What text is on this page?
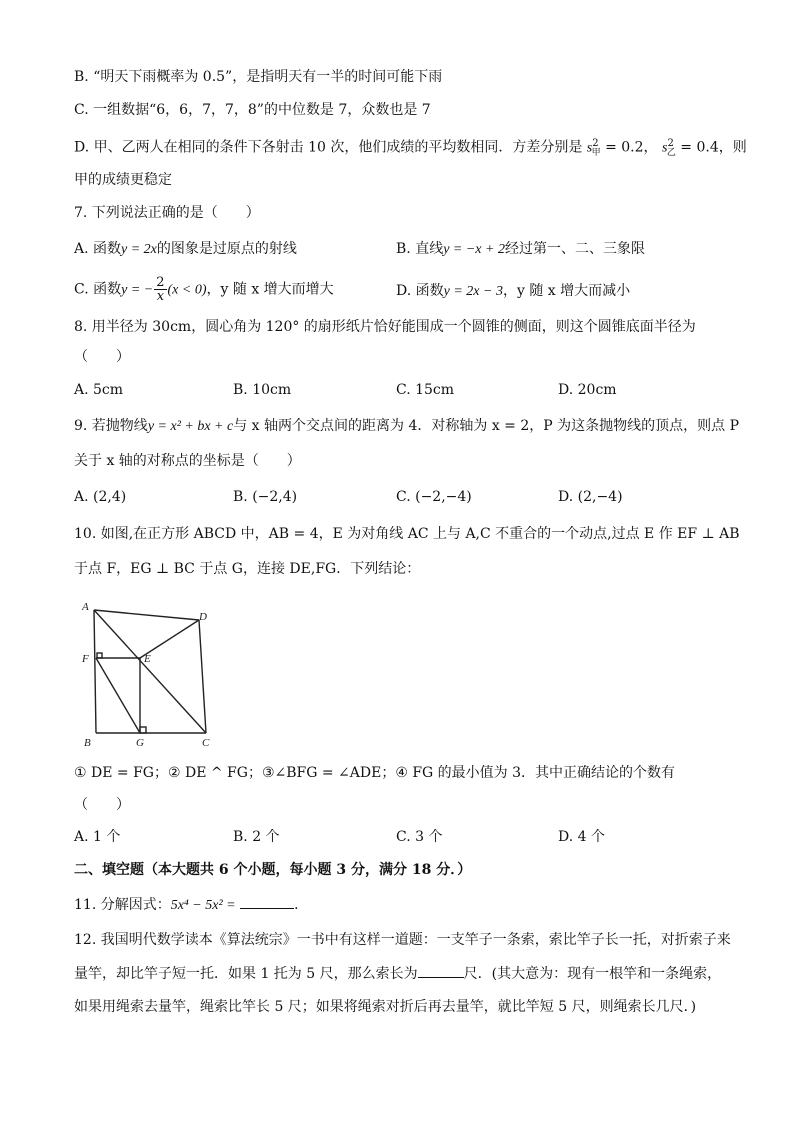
B. “明天下雨概率为 0.5”，是指明天有一半的时间可能下雨
C. 一组数据“6，6，7，7，8”的中位数是 7，众数也是 7
D. 甲、乙两人在相同的条件下各射击 10 次，他们成绩的平均数相同．方差分别是 $s^2_甲 = 0.2$， $s^2_乙 = 0.4$，则
甲的成绩更稳定
7. 下列说法正确的是（　　）
A. 函数y = 2x的图象是过原点的射线	B. 直线y = −x + 2经过第一、二、三象限
C. 函数y = − $\frac{2}{x} (x < 0)$，y 随 x 增大而增大	D. 函数y = 2x − 3，y 随 x 增大而减小
8. 用半径为 30cm，圆心角为 120° 的扇形纸片恰好能围成一个圆锥的侧面，则这个圆锥底面半径为
（　　）
A. 5cm	B. 10cm	C. 15cm	D. 20cm
9. 若抛物线y = x² + bx + c与 x 轴两个交点间的距离为 4．对称轴为 x = 2，P 为这条抛物线的顶点，则点 P
关于 x 轴的对称点的坐标是（　　）
A. (2,4)	B. (−2,4)	C. (−2,−4)	D. (2,−4)
10. 如图,在正方形 ABCD 中，AB = 4，E 为对角线 AC 上与 A,C 不重合的一个动点,过点 E 作 EF ⊥ AB
于点 F，EG ⊥ BC 于点 G，连接 DE,FG．下列结论：
A
D
F	E
B	G	C
① DE = FG；② DE ^ FG；③∠BFG = ∠ADE；④ FG 的最小值为 3．其中正确结论的个数有
（　　）
A. 1 个	B. 2 个	C. 3 个	D. 4 个
二、填空题（本大题共 6 个小题，每小题 3 分，满分 18 分．）
11. 分解因式：5x⁴ − 5x² =	．
12. 我国明代数学读本《算法统宗》一书中有这样一道题：一支竿子一条索，索比竿子长一托，对折索子来
量竿，却比竿子短一托．如果 1 托为 5 尺，那么索长为	尺．(其大意为：现有一根竿和一条绳索，
如果用绳索去量竿，绳索比竿长 5 尺；如果将绳索对折后再去量竿，就比竿短 5 尺，则绳索长几尺．)
